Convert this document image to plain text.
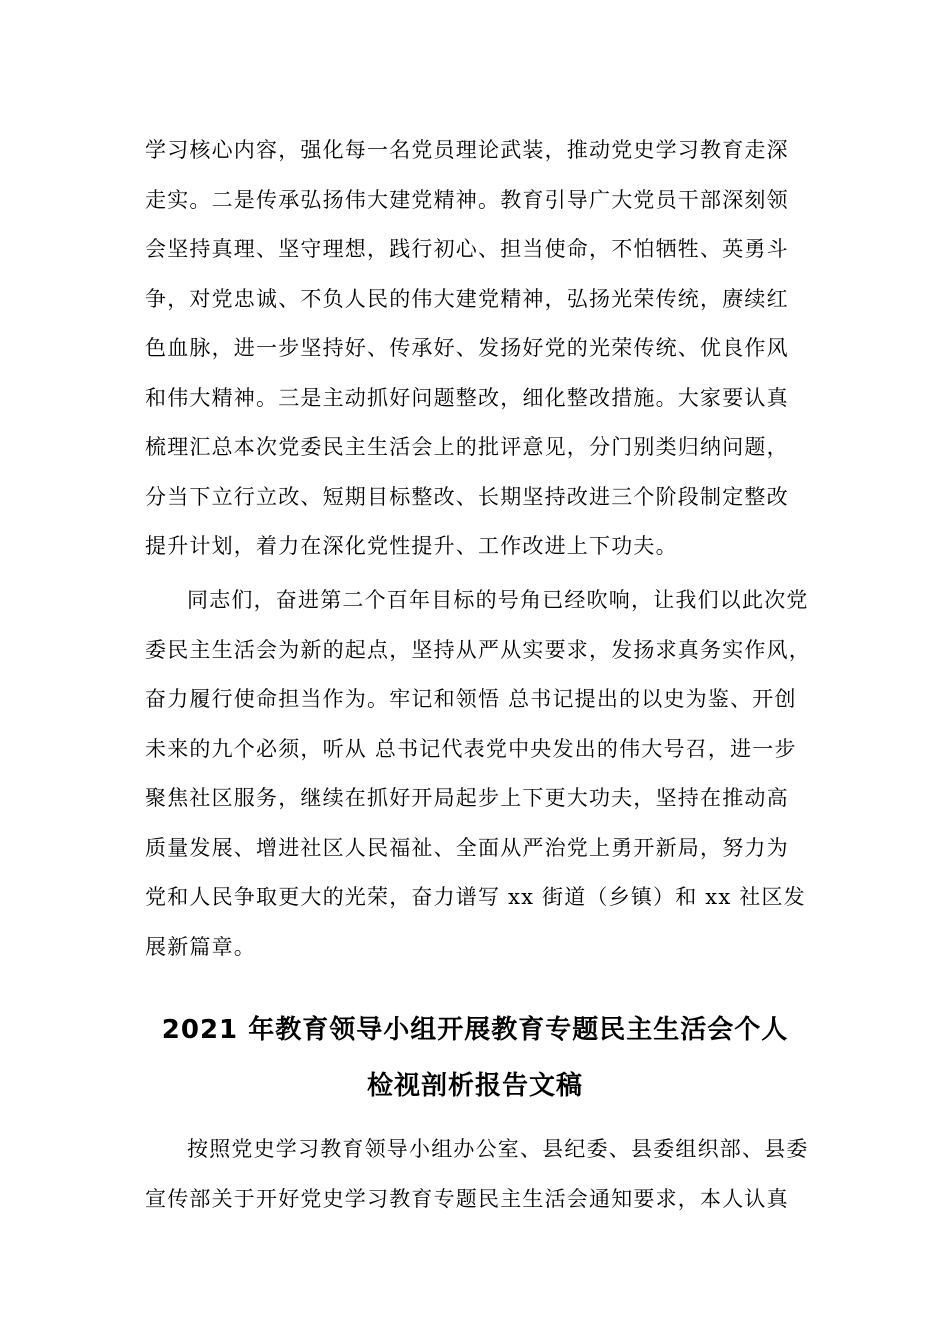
学习核心内容，强化每一名党员理论武装，推动党史学习教育走深
走实。二是传承弘扬伟大建党精神。教育引导广大党员干部深刻领
会坚持真理、坚守理想，践行初心、担当使命，不怕牺牲、英勇斗
争，对党忠诚、不负人民的伟大建党精神，弘扬光荣传统，赓续红
色血脉，进一步坚持好、传承好、发扬好党的光荣传统、优良作风
和伟大精神。三是主动抓好问题整改，细化整改措施。大家要认真
梳理汇总本次党委民主生活会上的批评意见，分门别类归纳问题，
分当下立行立改、短期目标整改、长期坚持改进三个阶段制定整改
提升计划，着力在深化党性提升、工作改进上下功夫。
同志们，奋进第二个百年目标的号角已经吹响，让我们以此次党
委民主生活会为新的起点，坚持从严从实要求，发扬求真务实作风，
奋力履行使命担当作为。牢记和领悟 总书记提出的以史为鉴、开创
未来的九个必须，听从 总书记代表党中央发出的伟大号召，进一步
聚焦社区服务，继续在抓好开局起步上下更大功夫，坚持在推动高
质量发展、增进社区人民福祉、全面从严治党上勇开新局，努力为
党和人民争取更大的光荣，奋力谱写 xx 街道（乡镇）和 xx 社区发
展新篇章。
2021 年教育领导小组开展教育专题民主生活会个人
检视剖析报告文稿
按照党史学习教育领导小组办公室、县纪委、县委组织部、县委
宣传部关于开好党史学习教育专题民主生活会通知要求，本人认真
